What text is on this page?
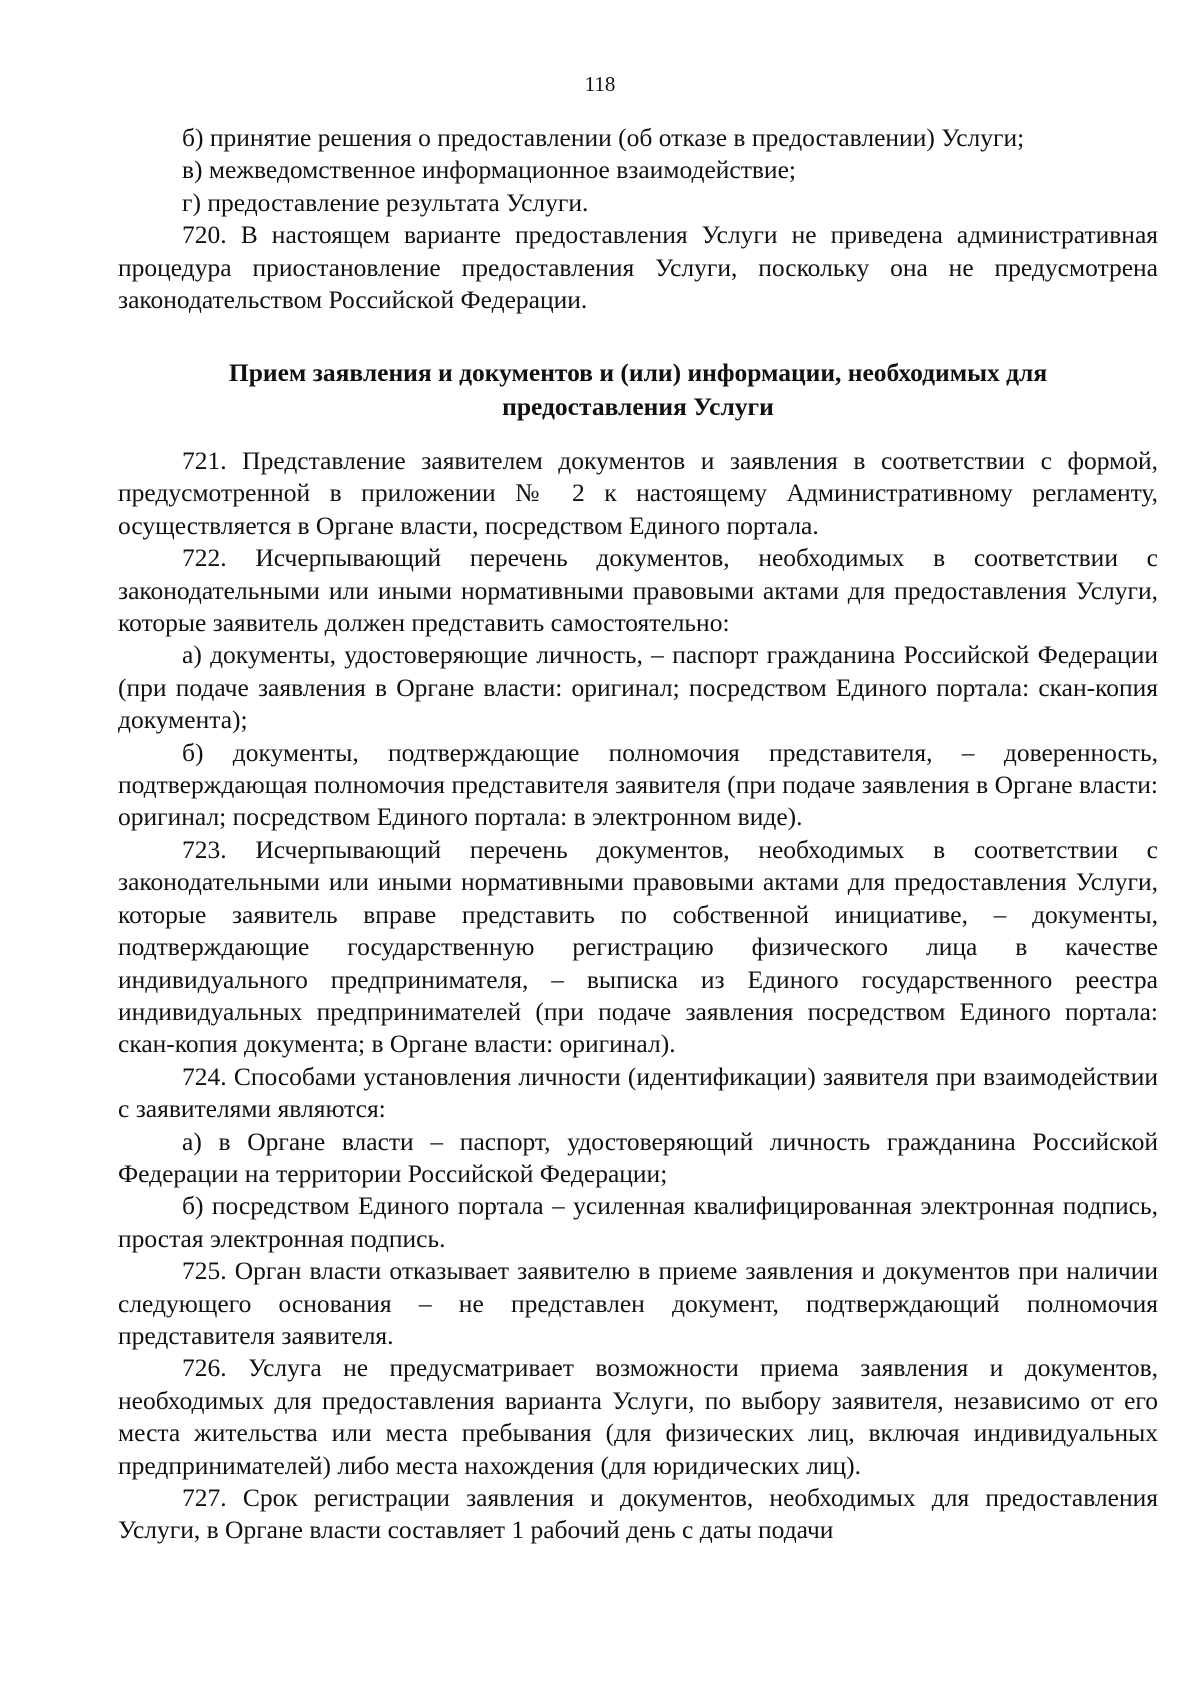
118

б) принятие решения о предоставлении (об отказе в предоставлении) Услуги;

в) межведомственное информационное взаимодействие;

г) предоставление результата Услуги.

720. В настоящем варианте предоставления Услуги не приведена административная процедура приостановление предоставления Услуги, поскольку она не предусмотрена законодательством Российской Федерации.

Прием заявления и документов и (или) информации, необходимых для
предоставления Услуги

721. Представление заявителем документов и заявления в соответствии с формой, предусмотренной в приложении № 2 к настоящему Административному регламенту, осуществляется в Органе власти, посредством Единого портала.

722. Исчерпывающий перечень документов, необходимых в соответствии с законодательными или иными нормативными правовыми актами для предоставления Услуги, которые заявитель должен представить самостоятельно:

а) документы, удостоверяющие личность, – паспорт гражданина Российской Федерации (при подаче заявления в Органе власти: оригинал; посредством Единого портала: скан-копия документа);

б) документы, подтверждающие полномочия представителя, – доверенность, подтверждающая полномочия представителя заявителя (при подаче заявления в Органе власти: оригинал; посредством Единого портала: в электронном виде).

723. Исчерпывающий перечень документов, необходимых в соответствии с законодательными или иными нормативными правовыми актами для предоставления Услуги, которые заявитель вправе представить по собственной инициативе, – документы, подтверждающие государственную регистрацию физического лица в качестве индивидуального предпринимателя, – выписка из Единого государственного реестра индивидуальных предпринимателей (при подаче заявления посредством Единого портала: скан-копия документа; в Органе власти: оригинал).

724. Способами установления личности (идентификации) заявителя при взаимодействии с заявителями являются:

а) в Органе власти – паспорт, удостоверяющий личность гражданина Российской Федерации на территории Российской Федерации;

б) посредством Единого портала – усиленная квалифицированная электронная подпись, простая электронная подпись.

725. Орган власти отказывает заявителю в приеме заявления и документов при наличии следующего основания – не представлен документ, подтверждающий полномочия представителя заявителя.

726. Услуга не предусматривает возможности приема заявления и документов, необходимых для предоставления варианта Услуги, по выбору заявителя, независимо от его места жительства или места пребывания (для физических лиц, включая индивидуальных предпринимателей) либо места нахождения (для юридических лиц).

727. Срок регистрации заявления и документов, необходимых для предоставления Услуги, в Органе власти составляет 1 рабочий день с даты подачи
